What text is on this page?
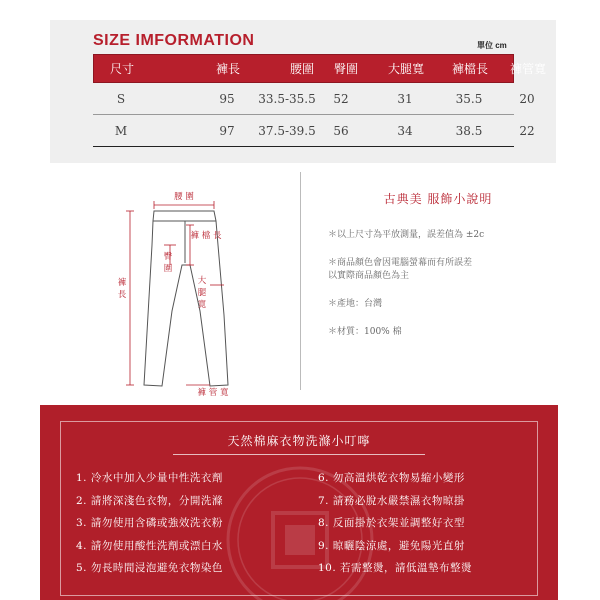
SIZE IMFORMATION	單位 cm
尺寸	褲長	腰圍	臀圍	大腿寬	褲檔長	褲管寬
S	95	33.5-35.5	52	31	35.5	20
M	97	37.5-39.5	56	34	38.5	22
腰 圍
褲 檔 長
臀圍
褲長
大腿寬
褲 管 寬
古典美 服飾小說明
＊以上尺寸為平放測量，誤差值為 ±2c
＊商品顏色會因電腦螢幕而有所誤差
以實際商品顏色為主
＊產地：台灣
＊材質：100% 棉
天然棉麻衣物洗滌小叮嚀
1. 冷水中加入少量中性洗衣劑
2. 請將深淺色衣物，分開洗滌
3. 請勿使用含磷或強效洗衣粉
4. 請勿使用酸性洗劑或漂白水
5. 勿長時間浸泡避免衣物染色
6. 勿高溫烘乾衣物易縮小變形
7. 請務必脫水嚴禁濕衣物晾掛
8. 反面掛於衣架並調整好衣型
9. 晾曬陰涼處，避免陽光直射
10. 若需整燙，請低溫墊布整燙
